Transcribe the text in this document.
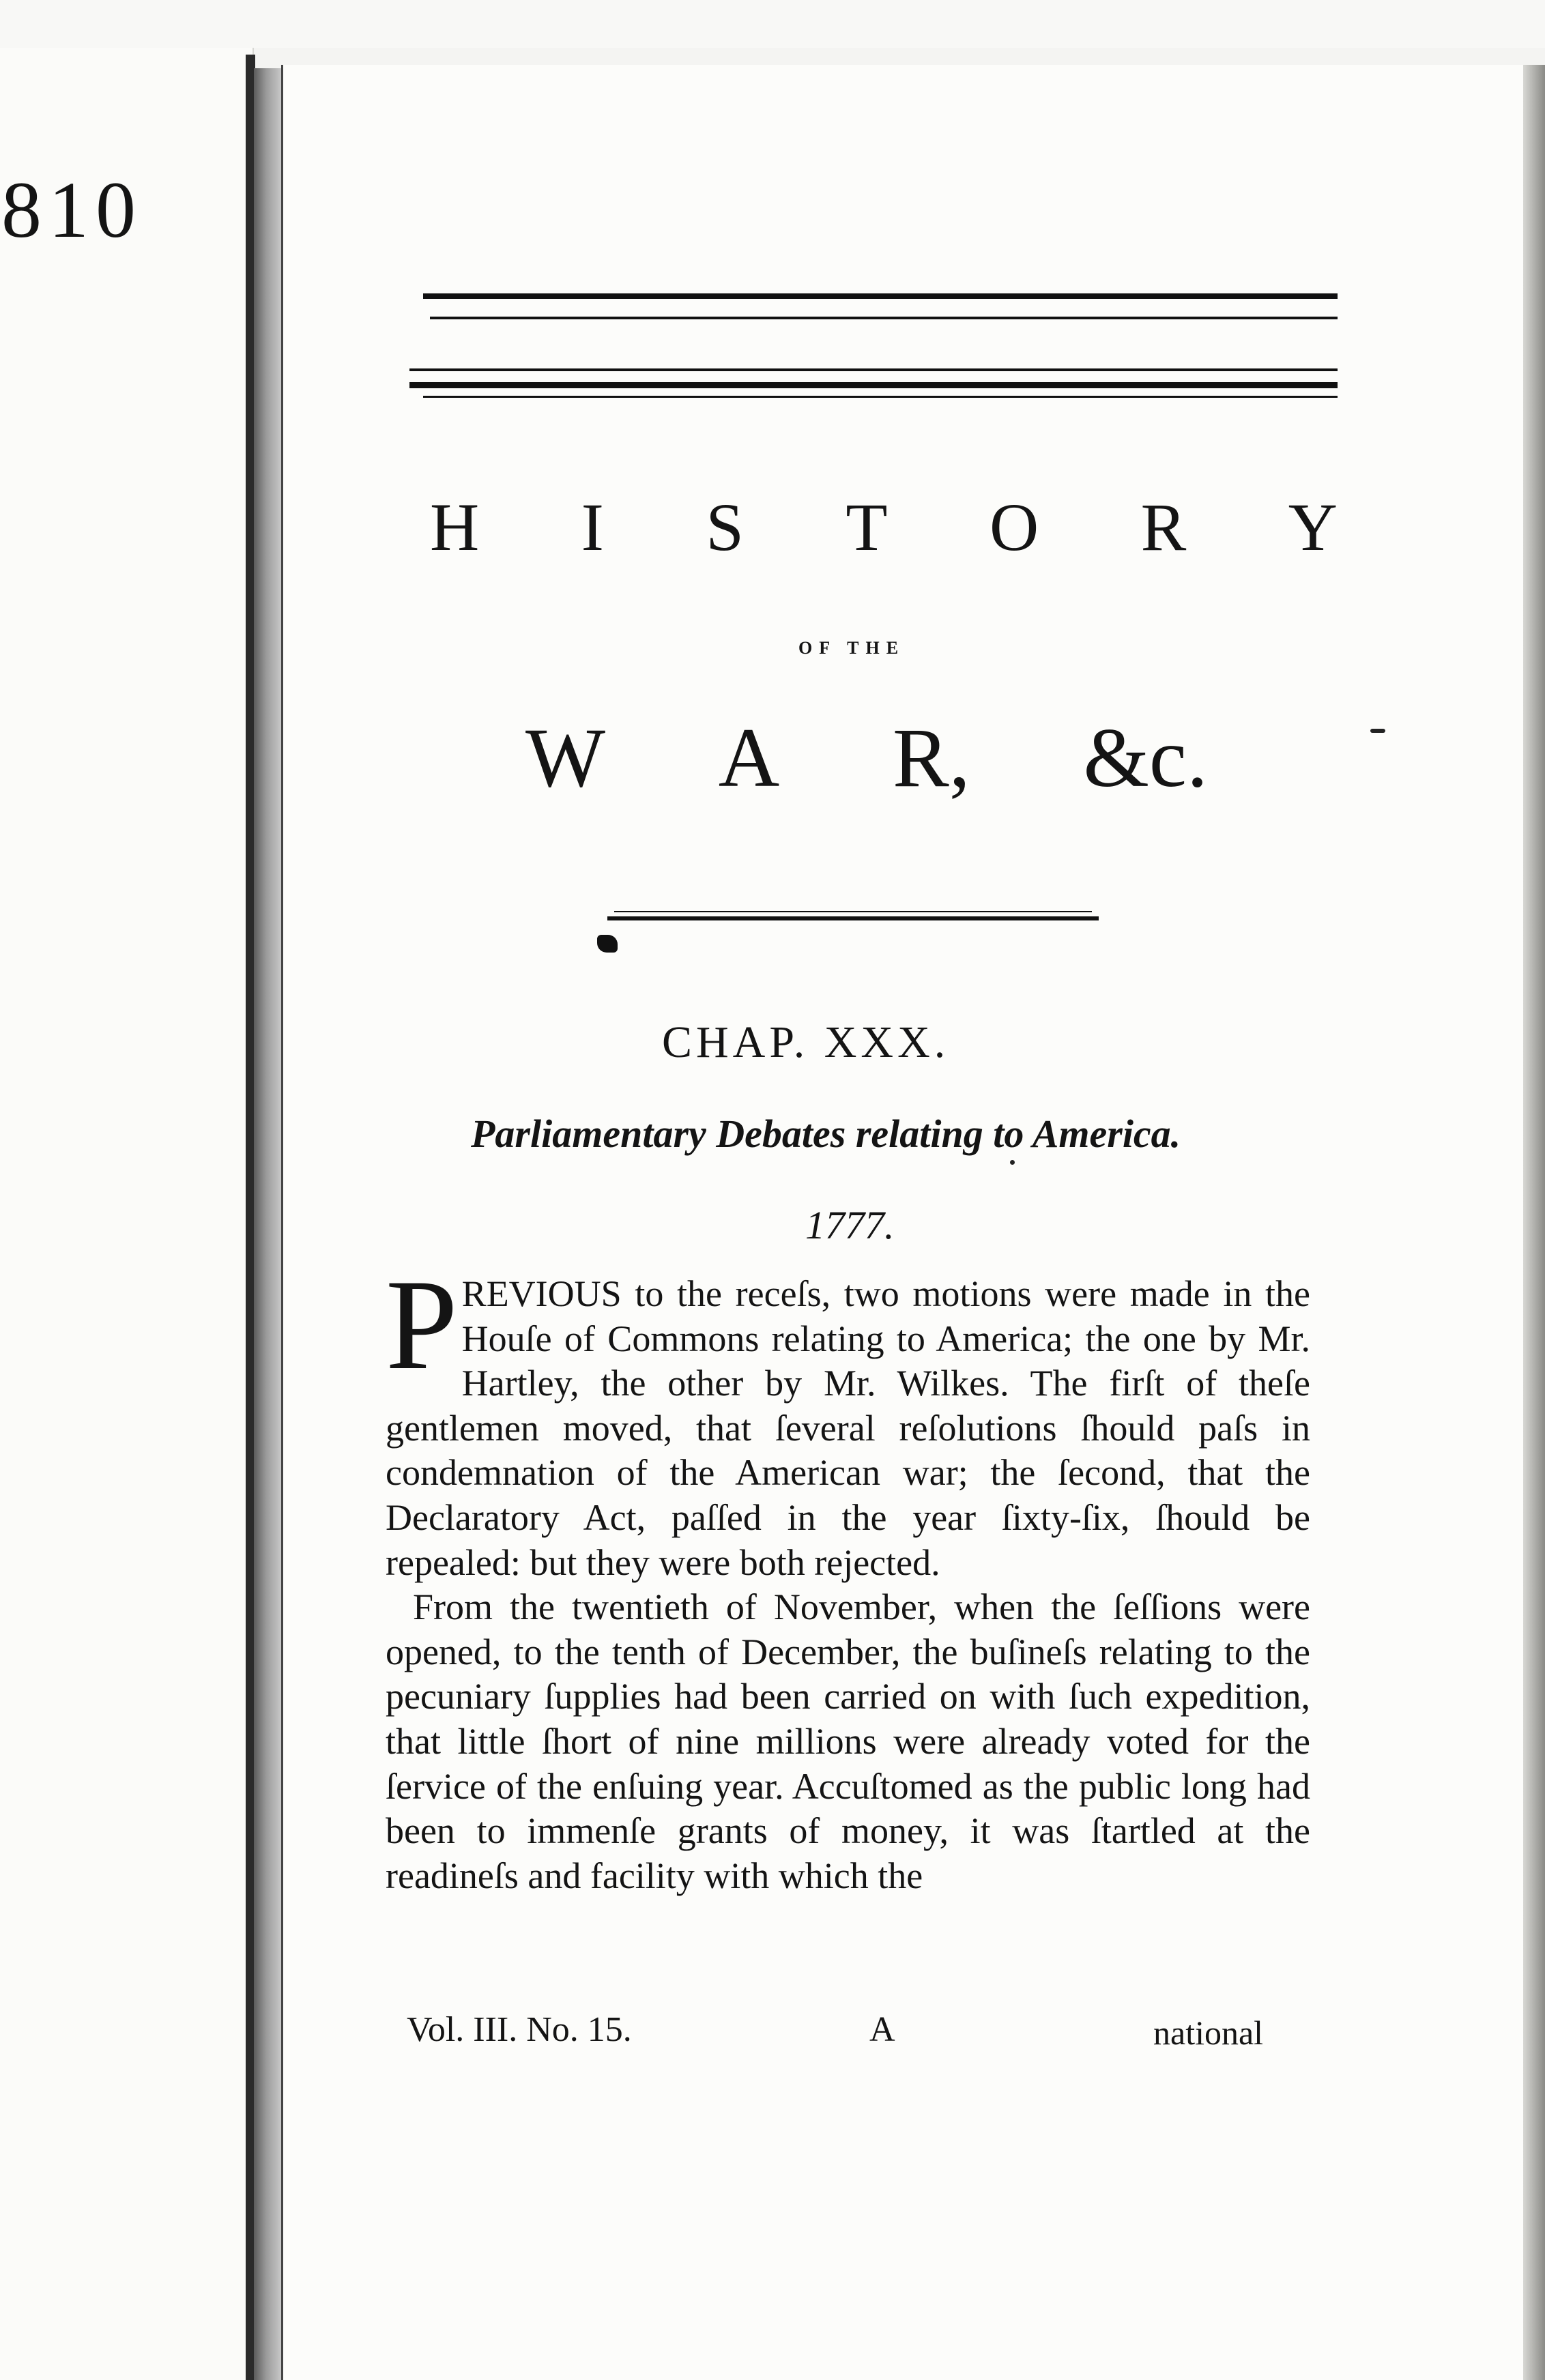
810
H I S T O R Y
OF THE
W A R, &c.
CHAP. XXX.
Parliamentary Debates relating to America.
1777.

PREVIOUS to the receſs, two motions were made in the Houſe of Commons relating to America; the one by Mr. Hartley, the other by Mr. Wilkes. The firſt of theſe gentlemen moved, that ſeveral reſolutions ſhould paſs in condemnation of the American war; the ſecond, that the Declaratory Act, paſſed in the year ſixty-ſix, ſhould be repealed: but they were both rejected.

From the twentieth of November, when the ſeſſions were opened, to the tenth of December, the buſineſs relating to the pecuniary ſupplies had been carried on with ſuch expedition, that little ſhort of nine millions were already voted for the ſervice of the enſuing year. Accuſtomed as the public long had been to immenſe grants of money, it was ſtartled at the readineſs and facility with which the

Vol. III. No. 15.	A	national
